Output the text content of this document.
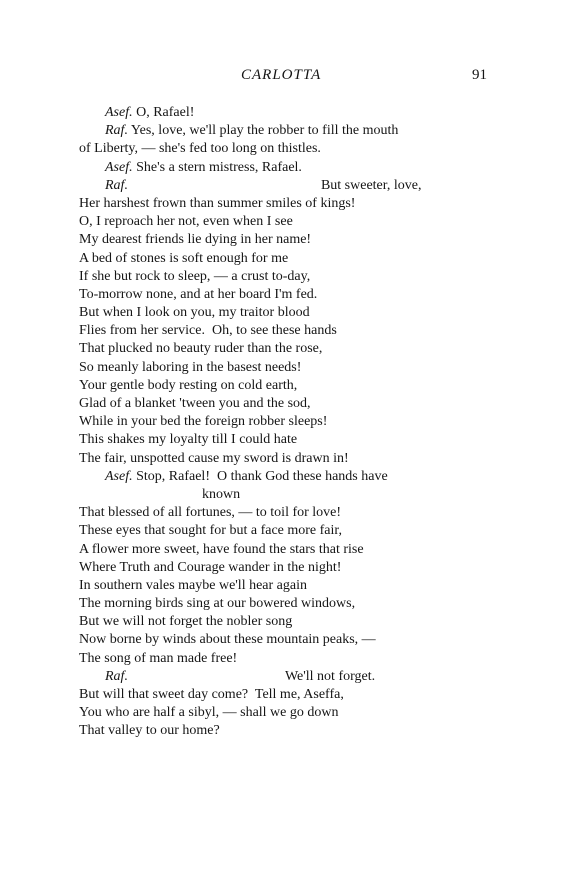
CARLOTTA	91
Asef. O, Rafael!
Raf. Yes, love, we'll play the robber to fill the mouth
of Liberty, — she's fed too long on thistles.
Asef. She's a stern mistress, Rafael.
Raf.	But sweeter, love,
Her harshest frown than summer smiles of kings!
O, I reproach her not, even when I see
My dearest friends lie dying in her name!
A bed of stones is soft enough for me
If she but rock to sleep, — a crust to-day,
To-morrow none, and at her board I'm fed.
But when I look on you, my traitor blood
Flies from her service.  Oh, to see these hands
That plucked no beauty ruder than the rose,
So meanly laboring in the basest needs!
Your gentle body resting on cold earth,
Glad of a blanket 'tween you and the sod,
While in your bed the foreign robber sleeps!
This shakes my loyalty till I could hate
The fair, unspotted cause my sword is drawn in!
Asef. Stop, Rafael!  O thank God these hands have
known
That blessed of all fortunes, — to toil for love!
These eyes that sought for but a face more fair,
A flower more sweet, have found the stars that rise
Where Truth and Courage wander in the night!
In southern vales maybe we'll hear again
The morning birds sing at our bowered windows,
But we will not forget the nobler song
Now borne by winds about these mountain peaks, —
The song of man made free!
Raf.	We'll not forget.
But will that sweet day come?  Tell me, Aseffa,
You who are half a sibyl, — shall we go down
That valley to our home?
